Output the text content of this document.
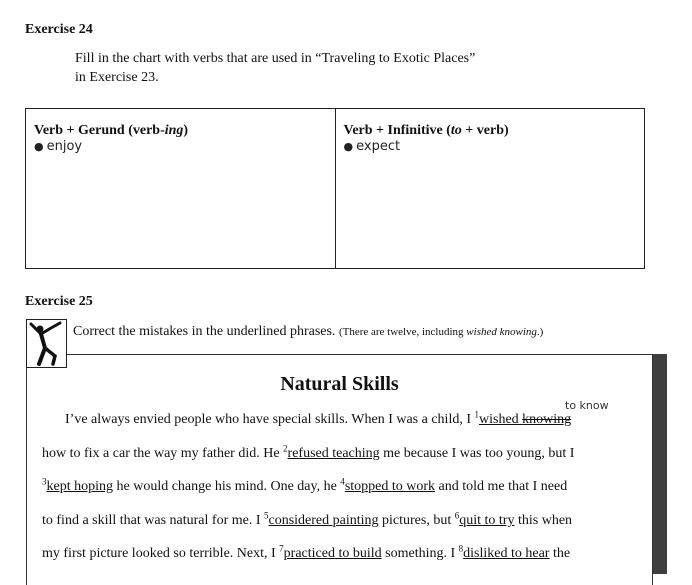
Exercise 24
Fill in the chart with verbs that are used in “Traveling to Exotic Places”
in Exercise 23.
Verb + Gerund (verb-ing)
● enjoy
Verb + Infinitive (to + verb)
● expect
Exercise 25
Natural Skills
to know
I’ve always envied people who have special skills. When I was a child, I $^1$wished knowing
how to fix a car the way my father did. He $^2$refused teaching me because I was too young, but I
$^3$kept hoping he would change his mind. One day, he $^4$stopped to work and told me that I need
to find a skill that was natural for me. I $^5$considered painting pictures, but $^6$quit to try this when
my first picture looked so terrible. Next, I $^7$practiced to build something. I $^8$disliked to hear the
Correct the mistakes in the underlined phrases. (There are twelve, including wished knowing.)
